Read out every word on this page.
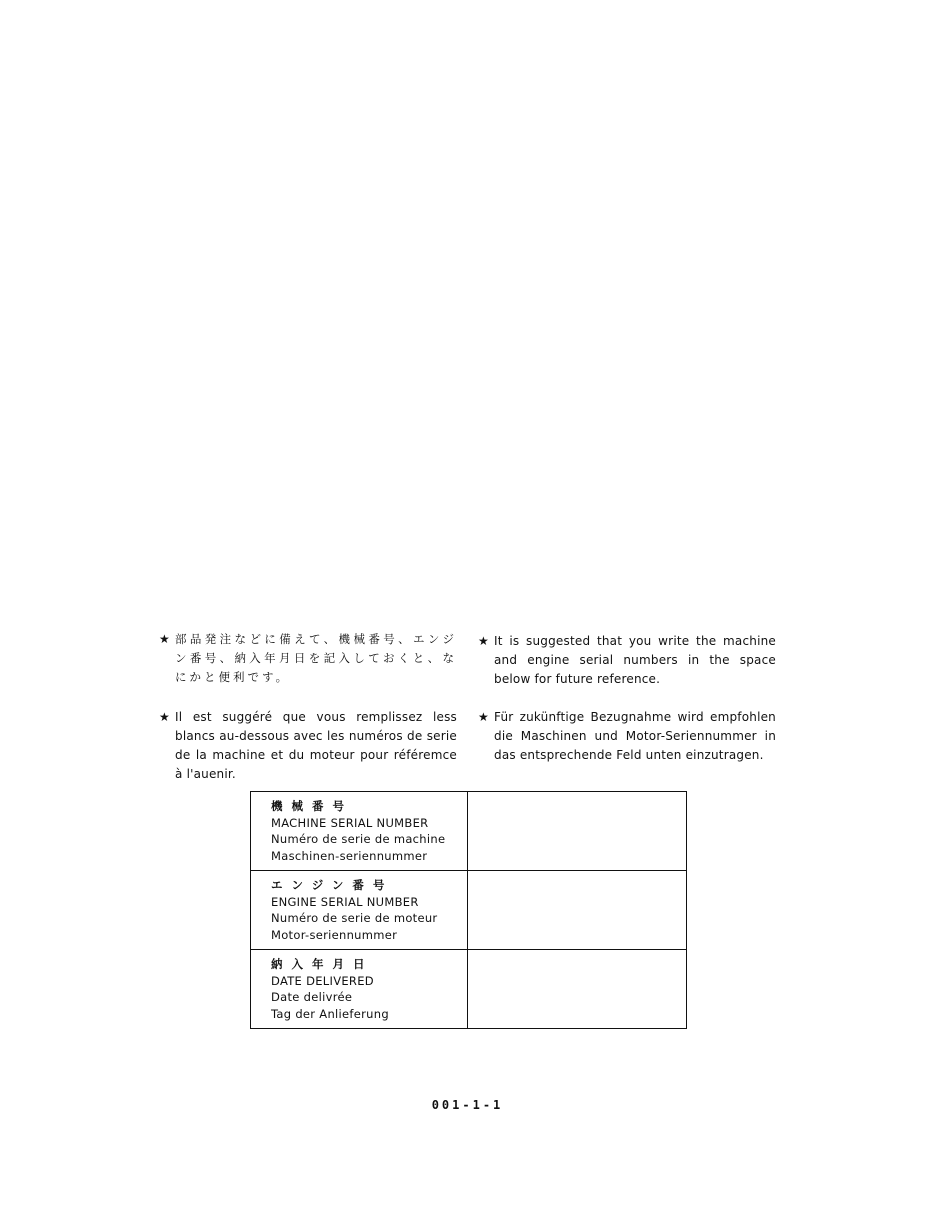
★ 部品発注などに備えて、機械番号、エンジン番号、納入年月日を記入しておくと、なにかと便利です。

★ It is suggested that you write the machine and engine serial numbers in the space below for future reference.

★ Il est suggéré que vous remplissez less blancs au-dessous avec les numéros de serie de la machine et du moteur pour référemce à l'auenir.

★ Für zukünftige Bezugnahme wird empfohlen die Maschinen und Motor-Seriennummer in das entsprechende Feld unten einzutragen.

機械番号
MACHINE SERIAL NUMBER
Numéro de serie de machine
Maschinen-seriennummer
エンジン番号
ENGINE SERIAL NUMBER
Numéro de serie de moteur
Motor-seriennummer
納入年月日
DATE DELIVERED
Date delivrée
Tag der Anlieferung
001-1-1
